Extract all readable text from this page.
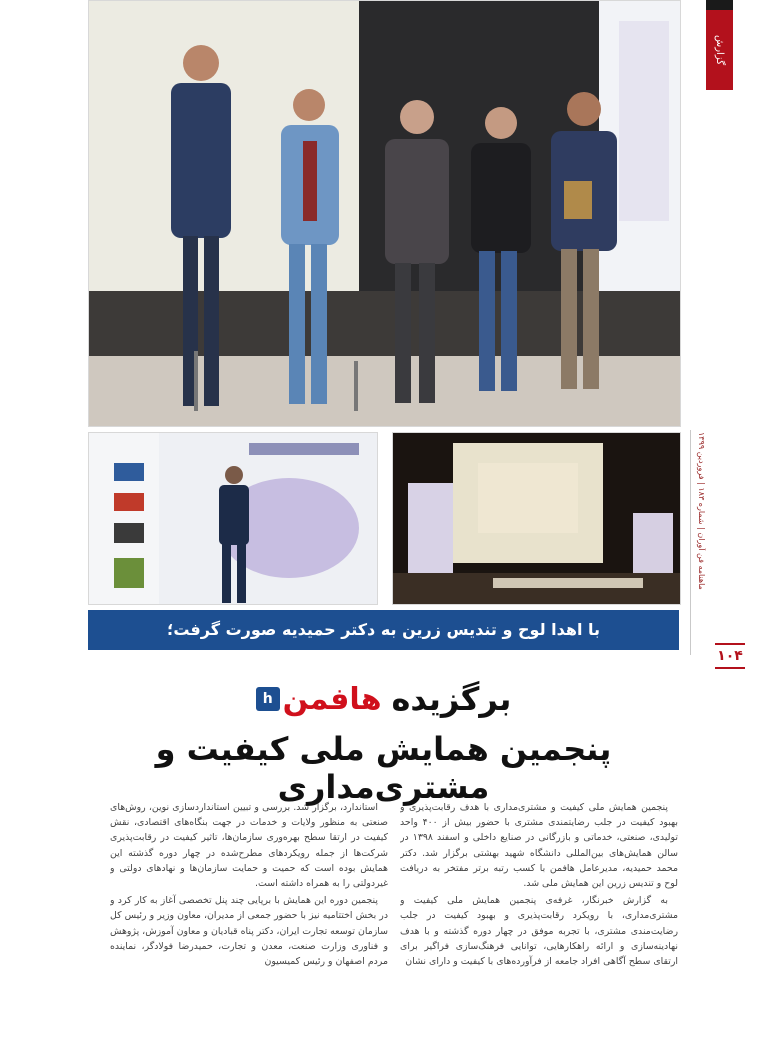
گزارش
ماهنامه فن آوران | شماره ۱۸۳ | فروردین ۱۳۹۹
۱۰۴
با اهدا لوح و تندیس زرین به دکتر حمیدیه صورت گرفت؛
h هافمن برگزیده
پنجمین همایش ملی کیفیت و مشتری‌مداری

پنجمین همایش ملی کیفیت و مشتری‌مداری با هدف رقابت‌پذیری و بهبود کیفیت در جلب رضایتمندی مشتری با حضور بیش از ۴۰۰ واحد تولیدی، صنعتی، خدماتی و بازرگانی در صنایع داخلی و اسفند ۱۳۹۸ در سالن همایش‌های بین‌المللی دانشگاه شهید بهشتی برگزار شد. دکتر محمد حمیدیه، مدیرعامل هافمن با کسب رتبه برتر مفتخر به دریافت لوح و تندیس زرین این همایش ملی شد.

به گزارش خبرنگار، غرفه‌ی پنجمین همایش ملی کیفیت و مشتری‌مداری، با رویکرد رقابت‌پذیری و بهبود کیفیت در جلب رضایت‌مندی مشتری، با تجربه موفق در چهار دوره گذشته و با هدف نهادینه‌سازی و ارائه راهکارهایی، توانایی فرهنگ‌سازی فراگیر برای ارتقای سطح آگاهی افراد جامعه از فرآورده‌های با کیفیت و دارای نشان

استاندارد، برگزار شد. بررسی و تبیین استانداردسازی نوین، روش‌های صنعتی به منظور ولایات و خدمات در جهت بنگاه‌های اقتصادی، نقش کیفیت در ارتقا سطح بهره‌وری سازمان‌ها، تاثیر کیفیت در رقابت‌پذیری شرکت‌ها از جمله رویکردهای مطرح‌شده در چهار دوره گذشته این همایش بوده است که حمیت و حمایت سازمان‌ها و نهادهای دولتی و غیردولتی را به همراه داشته است.

پنجمین دوره این همایش با برپایی چند پنل تخصصی آغاز به کار کرد و در بخش اختتامیه نیز با حضور جمعی از مدیران، معاون وزیر و رئیس کل سازمان توسعه تجارت ایران، دکتر پناه قبادیان و معاون آموزش، پژوهش و فناوری وزارت صنعت، معدن و تجارت، حمیدرضا فولادگر، نماینده مردم اصفهان و رئیس کمیسیون
